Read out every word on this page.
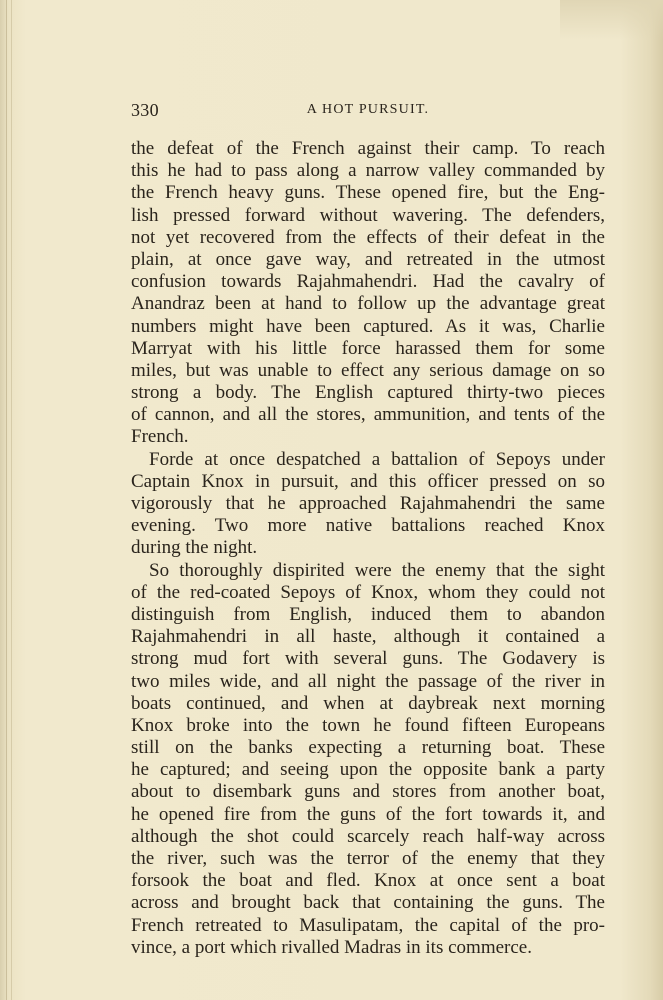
330	A HOT PURSUIT.
the defeat of the French against their camp. To reach
this he had to pass along a narrow valley commanded by
the French heavy guns. These opened fire, but the Eng-
lish pressed forward without wavering. The defenders,
not yet recovered from the effects of their defeat in the
plain, at once gave way, and retreated in the utmost
confusion towards Rajahmahendri. Had the cavalry of
Anandraz been at hand to follow up the advantage great
numbers might have been captured. As it was, Charlie
Marryat with his little force harassed them for some
miles, but was unable to effect any serious damage on so
strong a body. The English captured thirty-two pieces
of cannon, and all the stores, ammunition, and tents of the
French.
Forde at once despatched a battalion of Sepoys under
Captain Knox in pursuit, and this officer pressed on so
vigorously that he approached Rajahmahendri the same
evening. Two more native battalions reached Knox
during the night.
So thoroughly dispirited were the enemy that the sight
of the red-coated Sepoys of Knox, whom they could not
distinguish from English, induced them to abandon
Rajahmahendri in all haste, although it contained a
strong mud fort with several guns. The Godavery is
two miles wide, and all night the passage of the river in
boats continued, and when at daybreak next morning
Knox broke into the town he found fifteen Europeans
still on the banks expecting a returning boat. These
he captured; and seeing upon the opposite bank a party
about to disembark guns and stores from another boat,
he opened fire from the guns of the fort towards it, and
although the shot could scarcely reach half-way across
the river, such was the terror of the enemy that they
forsook the boat and fled. Knox at once sent a boat
across and brought back that containing the guns. The
French retreated to Masulipatam, the capital of the pro-
vince, a port which rivalled Madras in its commerce.
